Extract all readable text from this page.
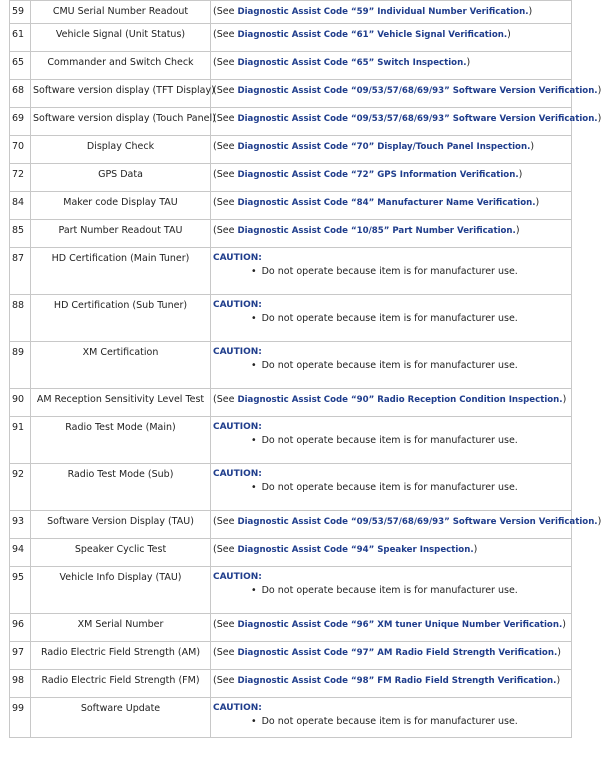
59	CMU Serial Number Readout	(See Diagnostic Assist Code “59” Individual Number Verification.)
61	Vehicle Signal (Unit Status)	(See Diagnostic Assist Code “61” Vehicle Signal Verification.)
65	Commander and Switch Check	(See Diagnostic Assist Code “65” Switch Inspection.)
68	Software version display (TFT Display)	(See Diagnostic Assist Code “09/53/57/68/69/93” Software Version Verification.)
69	Software version display (Touch Panel)	(See Diagnostic Assist Code “09/53/57/68/69/93” Software Version Verification.)
70	Display Check	(See Diagnostic Assist Code “70” Display/Touch Panel Inspection.)
72	GPS Data	(See Diagnostic Assist Code “72” GPS Information Verification.)
84	Maker code Display TAU	(See Diagnostic Assist Code “84” Manufacturer Name Verification.)
85	Part Number Readout TAU	(See Diagnostic Assist Code “10/85” Part Number Verification.)
87	HD Certification (Main Tuner)	CAUTION:
• Do not operate because item is for manufacturer use.

88	HD Certification (Sub Tuner)	CAUTION:
• Do not operate because item is for manufacturer use.

89	XM Certification	CAUTION:
• Do not operate because item is for manufacturer use.

90	AM Reception Sensitivity Level Test	(See Diagnostic Assist Code “90” Radio Reception Condition Inspection.)
91	Radio Test Mode (Main)	CAUTION:
• Do not operate because item is for manufacturer use.

92	Radio Test Mode (Sub)	CAUTION:
• Do not operate because item is for manufacturer use.

93	Software Version Display (TAU)	(See Diagnostic Assist Code “09/53/57/68/69/93” Software Version Verification.)
94	Speaker Cyclic Test	(See Diagnostic Assist Code “94” Speaker Inspection.)
95	Vehicle Info Display (TAU)	CAUTION:
• Do not operate because item is for manufacturer use.

96	XM Serial Number	(See Diagnostic Assist Code “96” XM tuner Unique Number Verification.)
97	Radio Electric Field Strength (AM)	(See Diagnostic Assist Code “97” AM Radio Field Strength Verification.)
98	Radio Electric Field Strength (FM)	(See Diagnostic Assist Code “98” FM Radio Field Strength Verification.)
99	Software Update	CAUTION:
• Do not operate because item is for manufacturer use.
